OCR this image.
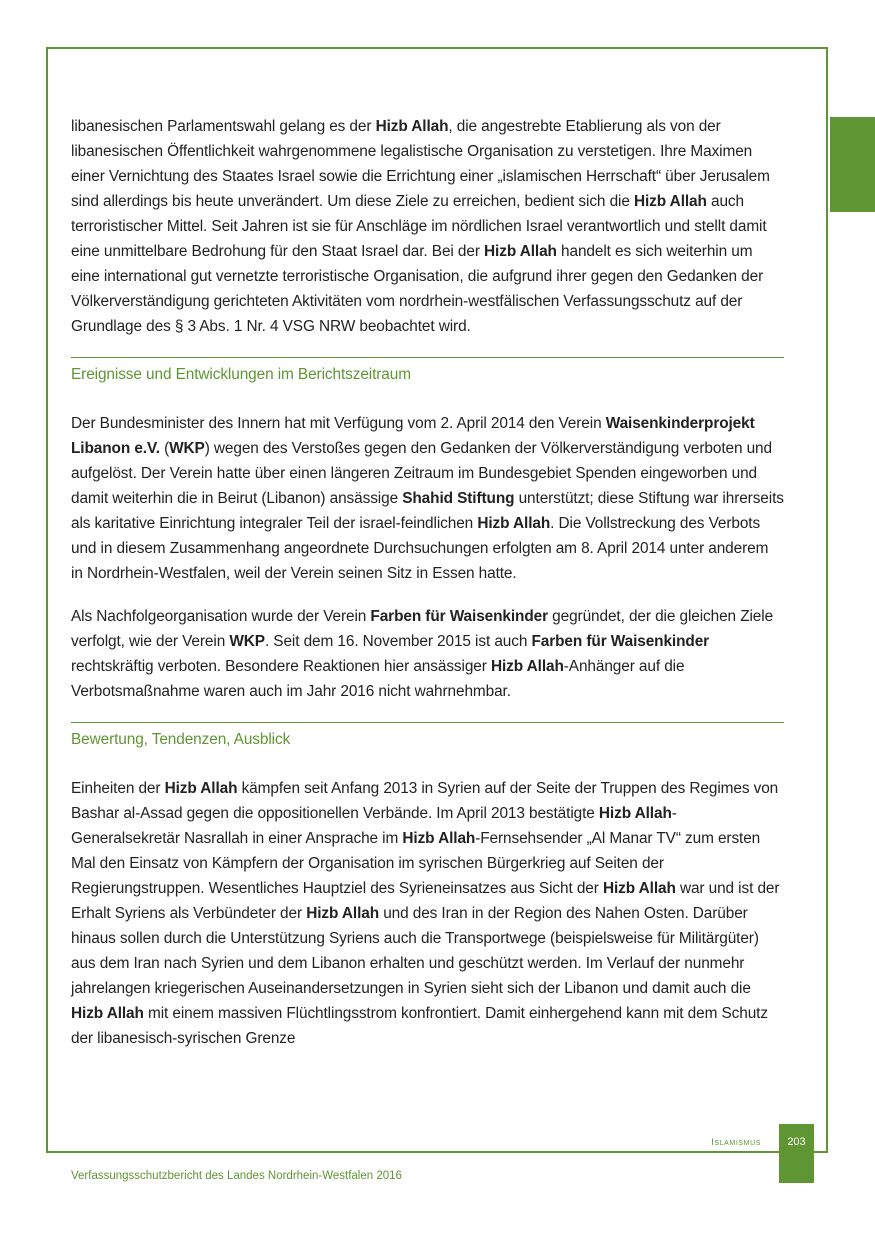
libanesischen Parlamentswahl gelang es der Hizb Allah, die angestrebte Etablierung als von der libanesischen Öffentlichkeit wahrgenommene legalistische Organisation zu verstetigen. Ihre Maximen einer Vernichtung des Staates Israel sowie die Errichtung einer „islamischen Herrschaft“ über Jerusalem sind allerdings bis heute unverändert. Um diese Ziele zu erreichen, bedient sich die Hizb Allah auch terroristischer Mittel. Seit Jahren ist sie für Anschläge im nördlichen Israel verantwortlich und stellt damit eine unmittelbare Bedrohung für den Staat Israel dar. Bei der Hizb Allah handelt es sich weiterhin um eine international gut vernetzte terroristische Organisation, die aufgrund ihrer gegen den Gedanken der Völkerverständigung gerichteten Aktivitäten vom nordrhein-westfälischen Verfassungsschutz auf der Grundlage des § 3 Abs. 1 Nr. 4 VSG NRW beobachtet wird.

Ereignisse und Entwicklungen im Berichtszeitraum

Der Bundesminister des Innern hat mit Verfügung vom 2. April 2014 den Verein Waisenkinderprojekt Libanon e.V. (WKP) wegen des Verstoßes gegen den Gedanken der Völkerverständigung verboten und aufgelöst. Der Verein hatte über einen längeren Zeitraum im Bundesgebiet Spenden eingeworben und damit weiterhin die in Beirut (Libanon) ansässige Shahid Stiftung unterstützt; diese Stiftung war ihrerseits als karitative Einrichtung integraler Teil der israel-feindlichen Hizb Allah. Die Vollstreckung des Verbots und in diesem Zusammenhang angeordnete Durchsuchungen erfolgten am 8. April 2014 unter anderem in Nordrhein-Westfalen, weil der Verein seinen Sitz in Essen hatte.

Als Nachfolgeorganisation wurde der Verein Farben für Waisenkinder gegründet, der die gleichen Ziele verfolgt, wie der Verein WKP. Seit dem 16. November 2015 ist auch Farben für Waisenkinder rechtskräftig verboten. Besondere Reaktionen hier ansässiger Hizb Allah-Anhänger auf die Verbotsmaßnahme waren auch im Jahr 2016 nicht wahrnehmbar.

Bewertung, Tendenzen, Ausblick

Einheiten der Hizb Allah kämpfen seit Anfang 2013 in Syrien auf der Seite der Truppen des Regimes von Bashar al-Assad gegen die oppositionellen Verbände. Im April 2013 bestätigte Hizb Allah-Generalsekretär Nasrallah in einer Ansprache im Hizb Allah-Fernsehsender „Al Manar TV“ zum ersten Mal den Einsatz von Kämpfern der Organisation im syrischen Bürgerkrieg auf Seiten der Regierungstruppen. Wesentliches Hauptziel des Syrieneinsatzes aus Sicht der Hizb Allah war und ist der Erhalt Syriens als Verbündeter der Hizb Allah und des Iran in der Region des Nahen Osten. Darüber hinaus sollen durch die Unterstützung Syriens auch die Transportwege (beispielsweise für Militärgüter) aus dem Iran nach Syrien und dem Libanon erhalten und geschützt werden. Im Verlauf der nunmehr jahrelangen kriegerischen Auseinandersetzungen in Syrien sieht sich der Libanon und damit auch die Hizb Allah mit einem massiven Flüchtlingsstrom konfrontiert. Damit einhergehend kann mit dem Schutz der libanesisch-syrischen Grenze

Islamismus	203
Verfassungsschutzbericht des Landes Nordrhein-Westfalen 2016
